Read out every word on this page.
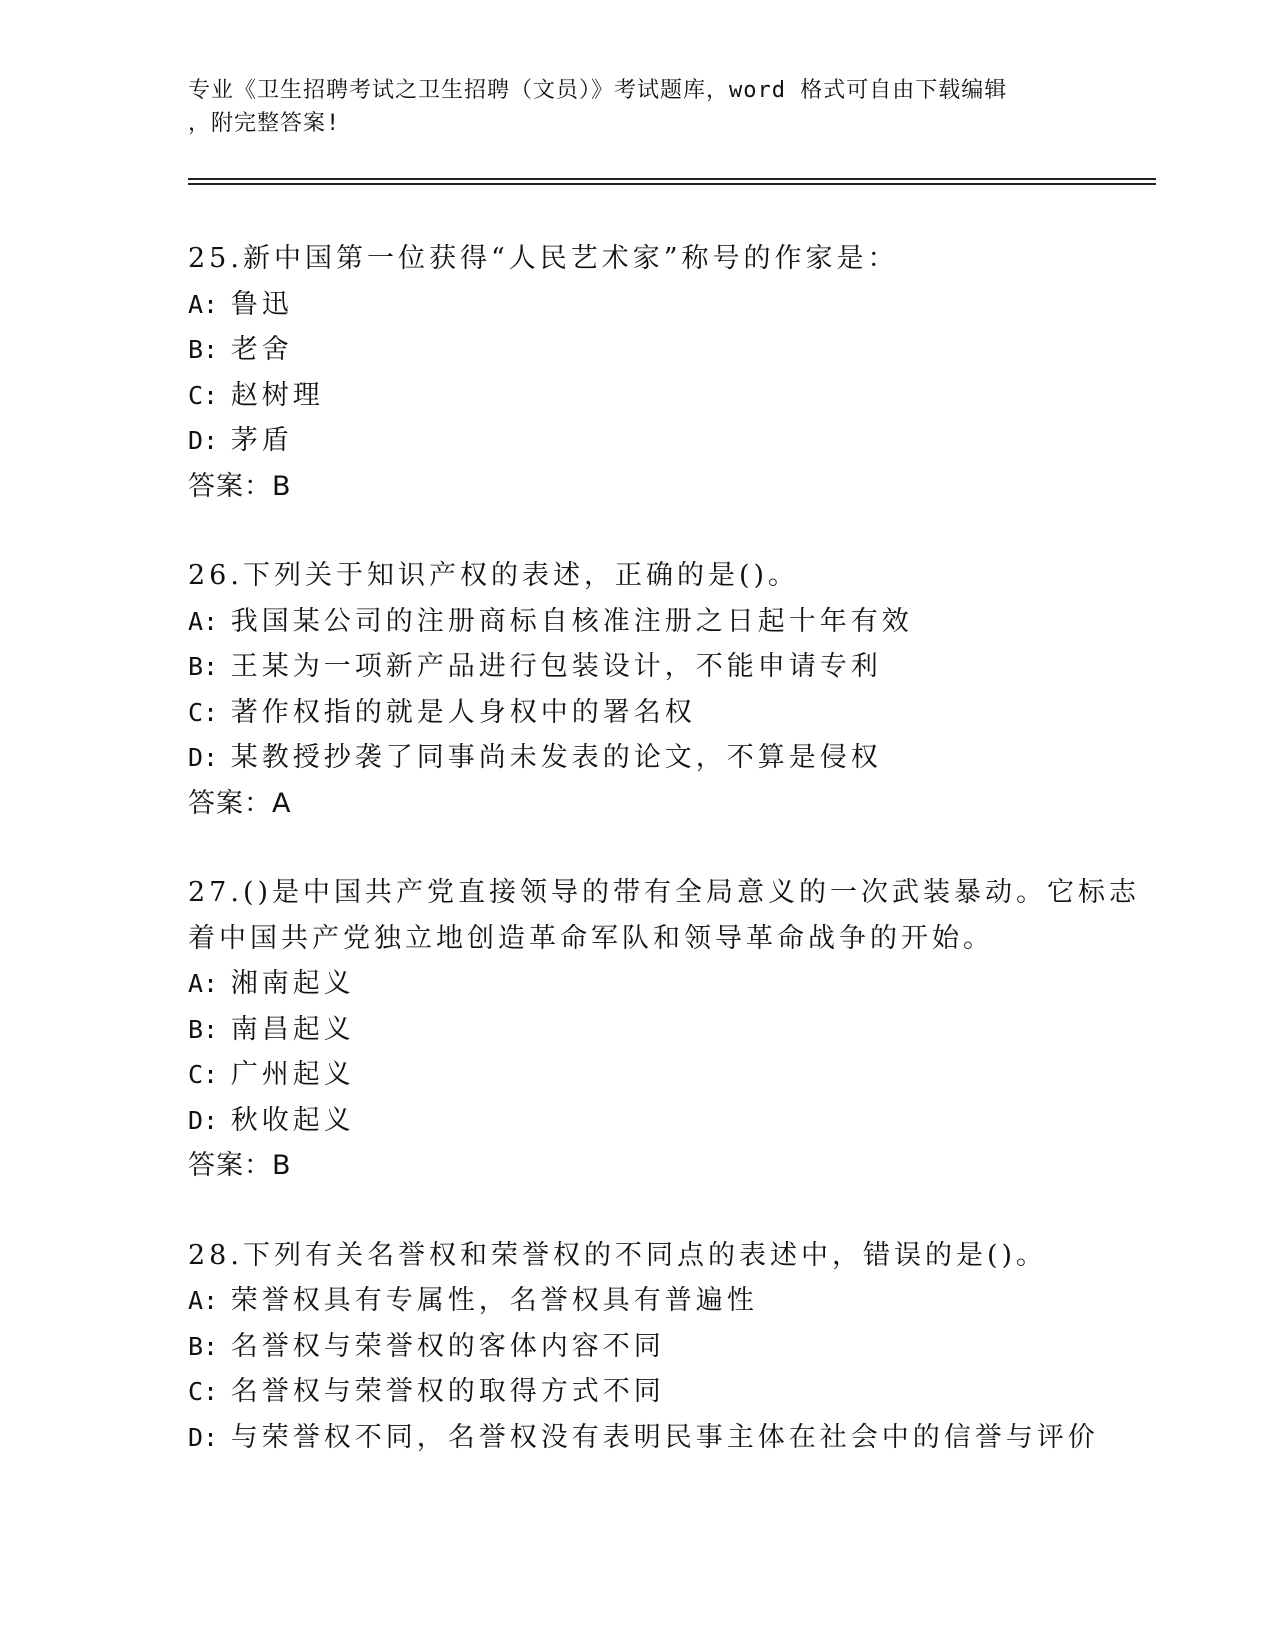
专业《卫生招聘考试之卫生招聘（文员）》考试题库，word 格式可自由下载编辑
，附完整答案!
25.新中国第一位获得“人民艺术家”称号的作家是：
A: 鲁迅
B: 老舍
C: 赵树理
D: 茅盾
答案：B
26.下列关于知识产权的表述，正确的是()。
A: 我国某公司的注册商标自核准注册之日起十年有效
B: 王某为一项新产品进行包装设计，不能申请专利
C: 著作权指的就是人身权中的署名权
D: 某教授抄袭了同事尚未发表的论文，不算是侵权
答案：A
27.()是中国共产党直接领导的带有全局意义的一次武装暴动。它标志
着中国共产党独立地创造革命军队和领导革命战争的开始。
A: 湘南起义
B: 南昌起义
C: 广州起义
D: 秋收起义
答案：B
28.下列有关名誉权和荣誉权的不同点的表述中，错误的是()。
A: 荣誉权具有专属性，名誉权具有普遍性
B: 名誉权与荣誉权的客体内容不同
C: 名誉权与荣誉权的取得方式不同
D: 与荣誉权不同，名誉权没有表明民事主体在社会中的信誉与评价
